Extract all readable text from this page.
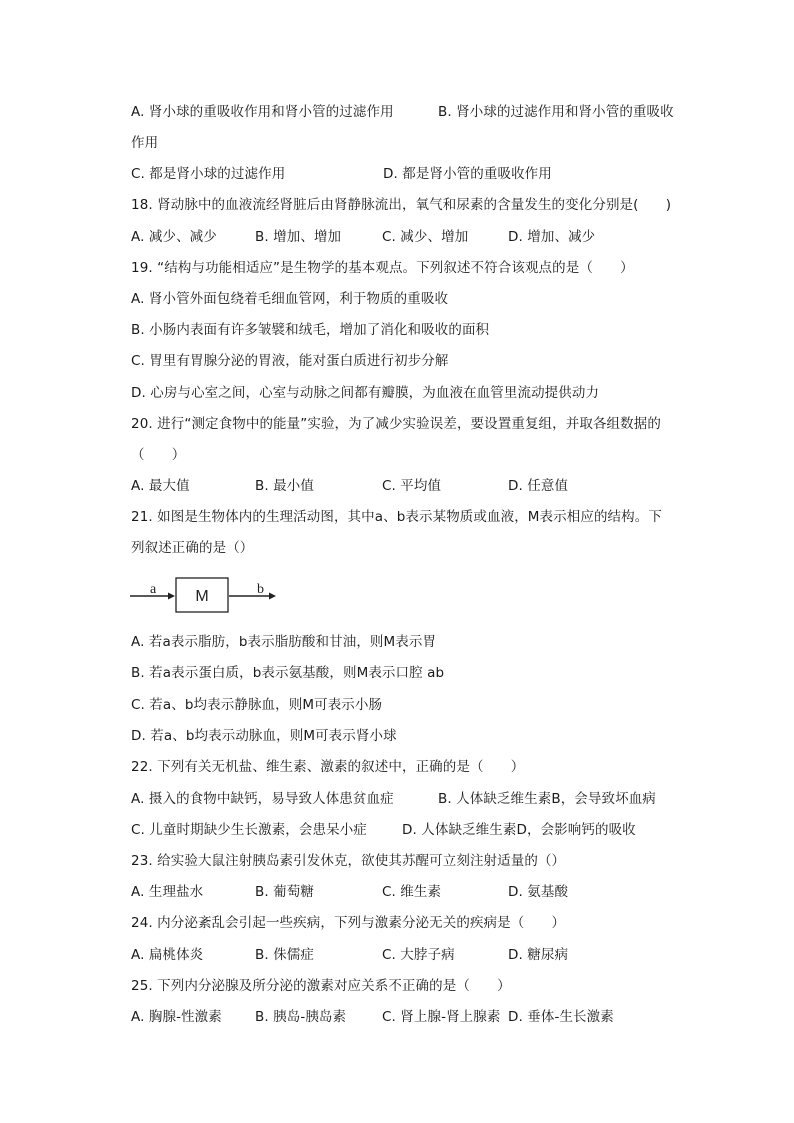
A. 肾小球的重吸收作用和肾小管的过滤作用	B. 肾小球的过滤作用和肾小管的重吸收
作用
C. 都是肾小球的过滤作用	D. 都是肾小管的重吸收作用
18. 肾动脉中的血液流经肾脏后由肾静脉流出，氧气和尿素的含量发生的变化分别是(　　)
A. 减少、减少	B. 增加、增加	C. 减少、增加	D. 增加、减少
19. “结构与功能相适应”是生物学的基本观点。下列叙述不符合该观点的是（　　）
A. 肾小管外面包绕着毛细血管网，利于物质的重吸收
B. 小肠内表面有许多皱襞和绒毛，增加了消化和吸收的面积
C. 胃里有胃腺分泌的胃液，能对蛋白质进行初步分解
D. 心房与心室之间，心室与动脉之间都有瓣膜，为血液在血管里流动提供动力
20. 进行“测定食物中的能量”实验，为了减少实验误差，要设置重复组，并取各组数据的
（　　）
A. 最大值	B. 最小值	C. 平均值	D. 任意值
21. 如图是生物体内的生理活动图，其中a、b表示某物质或血液，M表示相应的结构。下
列叙述正确的是（）
a M	b
A. 若a表示脂肪，b表示脂肪酸和甘油，则M表示胃
B. 若a表示蛋白质，b表示氨基酸，则M表示口腔 ab
C. 若a、b均表示静脉血，则M可表示小肠
D. 若a、b均表示动脉血，则M可表示肾小球
22. 下列有关无机盐、维生素、激素的叙述中，正确的是（　　）
A. 摄入的食物中缺钙，易导致人体患贫血症	B. 人体缺乏维生素B，会导致坏血病
C. 儿童时期缺少生长激素，会患呆小症	D. 人体缺乏维生素D，会影响钙的吸收
23. 给实验大鼠注射胰岛素引发休克，欲使其苏醒可立刻注射适量的（）
A. 生理盐水	B. 葡萄糖	C. 维生素	D. 氨基酸
24. 内分泌紊乱会引起一些疾病，下列与激素分泌无关的疾病是（　　）
A. 扁桃体炎	B. 侏儒症	C. 大脖子病	D. 糖尿病
25. 下列内分泌腺及所分泌的激素对应关系不正确的是（　　）
A. 胸腺-性激素 B. 胰岛-胰岛素	C. 肾上腺-肾上腺素 D. 垂体-生长激素
